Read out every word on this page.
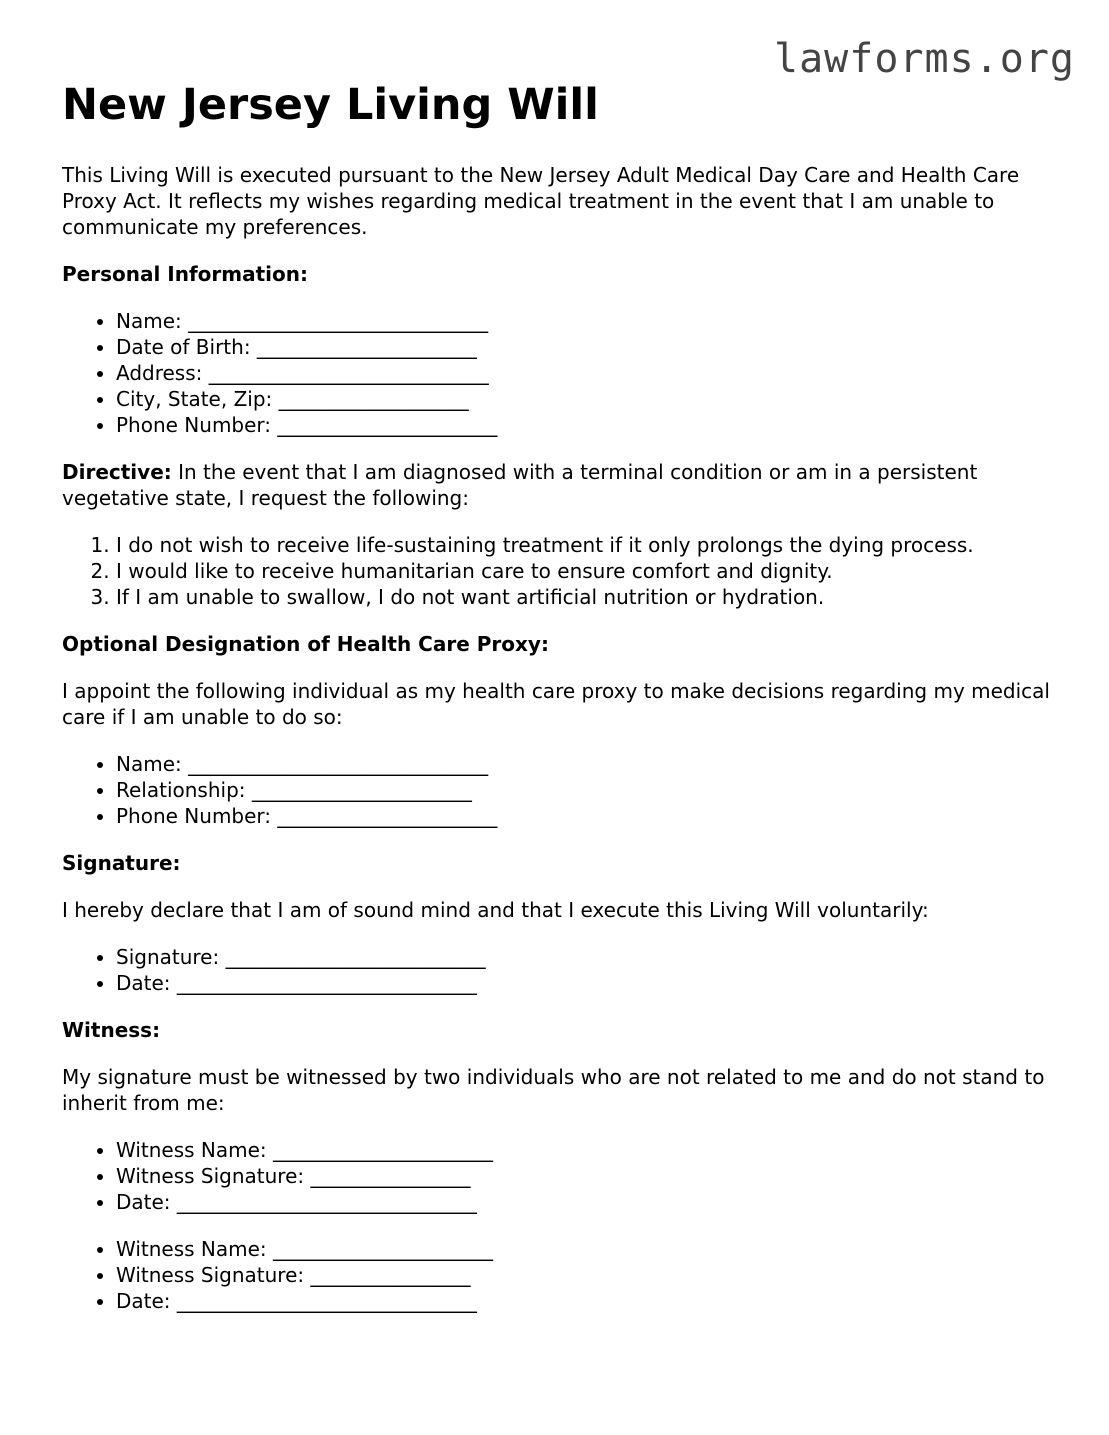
lawforms.org
New Jersey Living Will

This Living Will is executed pursuant to the New Jersey Adult Medical Day Care and Health Care Proxy Act. It reflects my wishes regarding medical treatment in the event that I am unable to communicate my preferences.

Personal Information:
• Name: ______________________________
• Date of Birth: ______________________
• Address: ____________________________
• City, State, Zip: ___________________
• Phone Number: ______________________

Directive: In the event that I am diagnosed with a terminal condition or am in a persistent vegetative state, I request the following:

1. I do not wish to receive life-sustaining treatment if it only prolongs the dying process.
2. I would like to receive humanitarian care to ensure comfort and dignity.
3. If I am unable to swallow, I do not want artificial nutrition or hydration.
Optional Designation of Health Care Proxy:

I appoint the following individual as my health care proxy to make decisions regarding my medical care if I am unable to do so:

• Name: ______________________________
• Relationship: ______________________
• Phone Number: ______________________
Signature:

I hereby declare that I am of sound mind and that I execute this Living Will voluntarily:

• Signature: __________________________
• Date: ______________________________
Witness:

My signature must be witnessed by two individuals who are not related to me and do not stand to inherit from me:

• Witness Name: ______________________
• Witness Signature: ________________
• Date: ______________________________
• Witness Name: ______________________
• Witness Signature: ________________
• Date: ______________________________
